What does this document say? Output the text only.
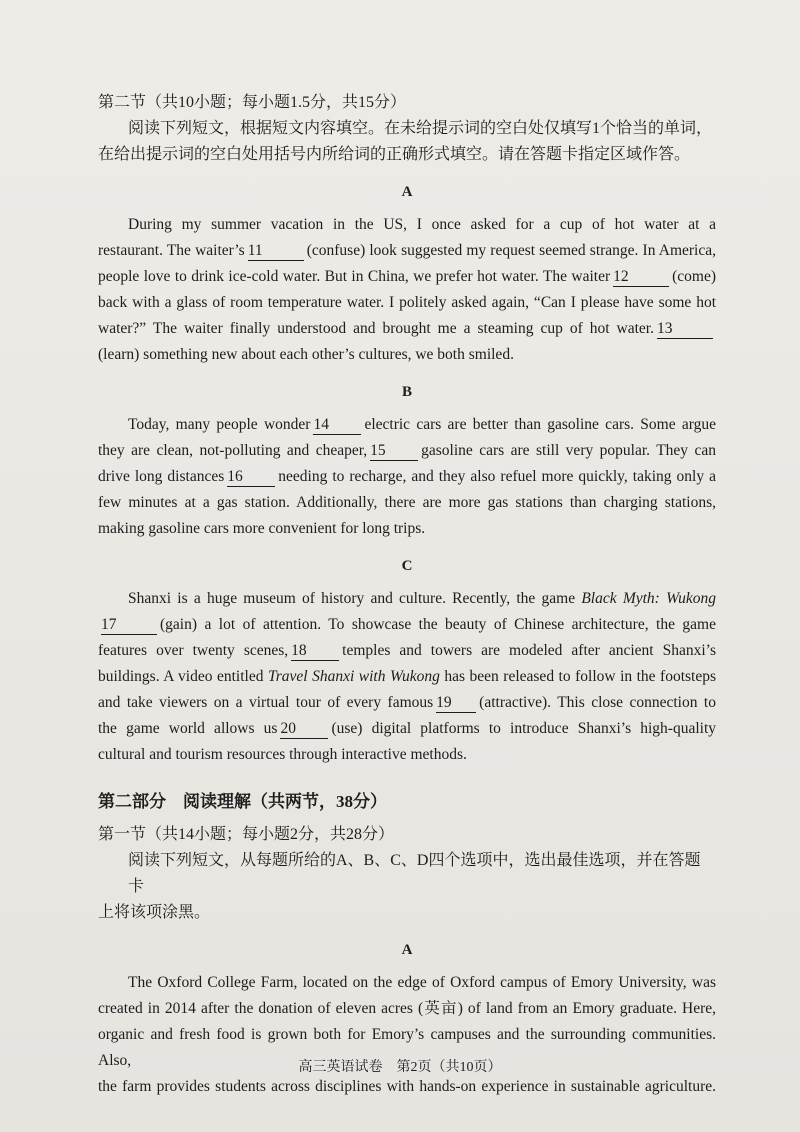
第二节（共10小题；每小题1.5分，共15分）

阅读下列短文，根据短文内容填空。在未给提示词的空白处仅填写1个恰当的单词，

在给出提示词的空白处用括号内所给词的正确形式填空。请在答题卡指定区域作答。

A

During my summer vacation in the US, I once asked for a cup of hot water at a

restaurant. The waiter’s 11	(confuse) look suggested my request seemed strange. In America,

people love to drink ice-cold water. But in China, we prefer hot water. The waiter 12	(come)

back with a glass of room temperature water. I politely asked again, “Can I please have some hot

water?” The waiter finally understood and brought me a steaming cup of hot water. 13

(learn) something new about each other’s cultures, we both smiled.

B

Today, many people wonder 14 electric cars are better than gasoline cars. Some argue

they are clean, not-polluting and cheaper, 15 gasoline cars are still very popular. They can

drive long distances 16 needing to recharge, and they also refuel more quickly, taking only a

few minutes at a gas station. Additionally, there are more gas stations than charging stations,

making gasoline cars more convenient for long trips.

C

Shanxi is a huge museum of history and culture. Recently, the game Black Myth: Wukong

17	(gain) a lot of attention. To showcase the beauty of Chinese architecture, the game

features over twenty scenes, 18 temples and towers are modeled after ancient Shanxi’s

buildings. A video entitled Travel Shanxi with Wukong has been released to follow in the footsteps

and take viewers on a virtual tour of every famous 19 (attractive). This close connection to

the game world allows us 20 (use) digital platforms to introduce Shanxi’s high-quality

cultural and tourism resources through interactive methods.

第二部分　阅读理解（共两节，38分）

第一节（共14小题；每小题2分，共28分）

阅读下列短文，从每题所给的A、B、C、D四个选项中，选出最佳选项，并在答题卡

上将该项涂黑。

A

The Oxford College Farm, located on the edge of Oxford campus of Emory University, was

created in 2014 after the donation of eleven acres (英亩) of land from an Emory graduate. Here,

organic and fresh food is grown both for Emory’s campuses and the surrounding communities. Also,

the farm provides students across disciplines with hands-on experience in sustainable agriculture.

高三英语试卷　第2页（共10页）
